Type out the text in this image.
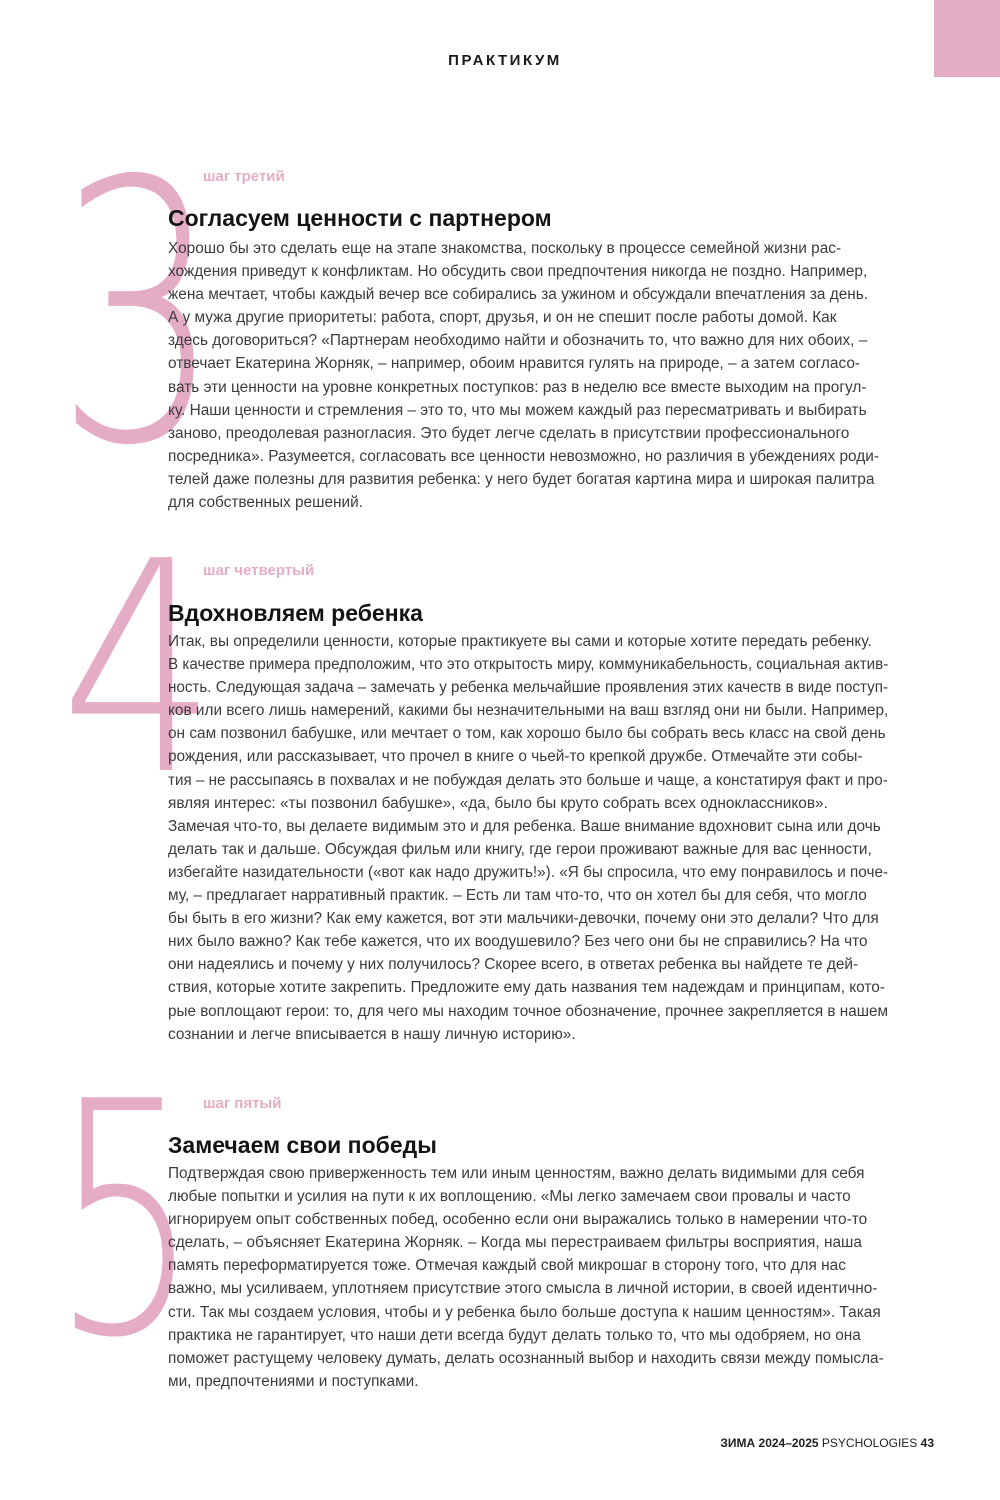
ПРАКТИКУМ
3
шаг третий
Согласуем ценности с партнером

Хорошо бы это сделать еще на этапе знакомства, поскольку в процессе семейной жизни рас-
хождения приведут к конфликтам. Но обсудить свои предпочтения никогда не поздно. Например,
жена мечтает, чтобы каждый вечер все собирались за ужином и обсуждали впечатления за день.
А у мужа другие приоритеты: работа, спорт, друзья, и он не спешит после работы домой. Как
здесь договориться? «Партнерам необходимо найти и обозначить то, что важно для них обоих, –
отвечает Екатерина Жорняк, – например, обоим нравится гулять на природе, – а затем согласо-
вать эти ценности на уровне конкретных поступков: раз в неделю все вместе выходим на прогул-
ку. Наши ценности и стремления – это то, что мы можем каждый раз пересматривать и выбирать
заново, преодолевая разногласия. Это будет легче сделать в присутствии профессионального
посредника». Разумеется, согласовать все ценности невозможно, но различия в убеждениях роди-
телей даже полезны для развития ребенка: у него будет богатая картина мира и широкая палитра
для собственных решений.

4
шаг четвертый
Вдохновляем ребенка

Итак, вы определили ценности, которые практикуете вы сами и которые хотите передать ребенку.
В качестве примера предположим, что это открытость миру, коммуникабельность, социальная актив-
ность. Следующая задача – замечать у ребенка мельчайшие проявления этих качеств в виде поступ-
ков или всего лишь намерений, какими бы незначительными на ваш взгляд они ни были. Например,
он сам позвонил бабушке, или мечтает о том, как хорошо было бы собрать весь класс на свой день
рождения, или рассказывает, что прочел в книге о чьей-то крепкой дружбе. Отмечайте эти собы-
тия – не рассыпаясь в похвалах и не побуждая делать это больше и чаще, а констатируя факт и про-
являя интерес: «ты позвонил бабушке», «да, было бы круто собрать всех одноклассников».
Замечая что-то, вы делаете видимым это и для ребенка. Ваше внимание вдохновит сына или дочь
делать так и дальше. Обсуждая фильм или книгу, где герои проживают важные для вас ценности,
избегайте назидательности («вот как надо дружить!»). «Я бы спросила, что ему понравилось и поче-
му, – предлагает нарративный практик. – Есть ли там что-то, что он хотел бы для себя, что могло
бы быть в его жизни? Как ему кажется, вот эти мальчики-девочки, почему они это делали? Что для
них было важно? Как тебе кажется, что их воодушевило? Без чего они бы не справились? На что
они надеялись и почему у них получилось? Скорее всего, в ответах ребенка вы найдете те дей-
ствия, которые хотите закрепить. Предложите ему дать названия тем надеждам и принципам, кото-
рые воплощают герои: то, для чего мы находим точное обозначение, прочнее закрепляется в нашем
сознании и легче вписывается в нашу личную историю».

5 шаг пятый
Замечаем свои победы

Подтверждая свою приверженность тем или иным ценностям, важно делать видимыми для себя
любые попытки и усилия на пути к их воплощению. «Мы легко замечаем свои провалы и часто
игнорируем опыт собственных побед, особенно если они выражались только в намерении что-то
сделать, – объясняет Екатерина Жорняк. – Когда мы перестраиваем фильтры восприятия, наша
память переформатируется тоже. Отмечая каждый свой микрошаг в сторону того, что для нас
важно, мы усиливаем, уплотняем присутствие этого смысла в личной истории, в своей идентично-
сти. Так мы создаем условия, чтобы и у ребенка было больше доступа к нашим ценностям». Такая
практика не гарантирует, что наши дети всегда будут делать только то, что мы одобряем, но она
поможет растущему человеку думать, делать осознанный выбор и находить связи между помысла-
ми, предпочтениями и поступками.

ЗИМА 2024–2025 PSYCHOLOGIES 43
